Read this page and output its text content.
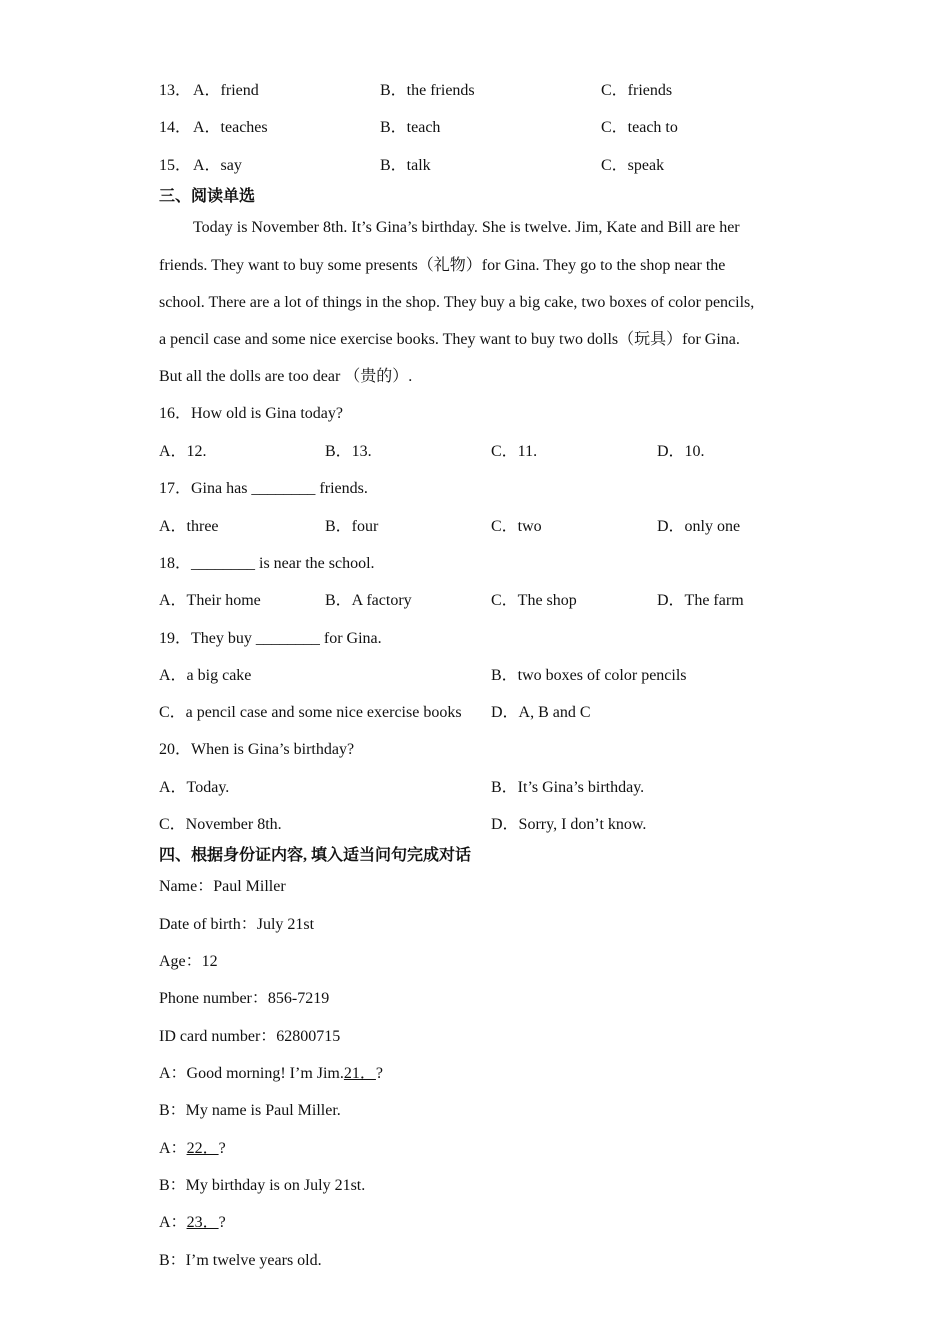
13． A．friend	B．the friends	C．friends
14． A．teaches	B．teach	C．teach to
15． A．say	B．talk	C．speak
三、阅读单选
Today is November 8th. It’s Gina’s birthday. She is twelve. Jim, Kate and Bill are her
friends. They want to buy some presents（礼物）for Gina. They go to the shop near the
school. There are a lot of things in the shop. They buy a big cake, two boxes of color pencils,
a pencil case and some nice exercise books. They want to buy two dolls（玩具）for Gina.
But all the dolls are too dear （贵的）.
16．How old is Gina today?
A．12.	B．13.	C．11.	D．10.
17．Gina has ________ friends.
A．three	B．four	C．two	D．only one
18．________ is near the school.
A．Their home	B．A factory	C．The shop	D．The farm
19．They buy ________ for Gina.
A．a big cake	B．two boxes of color pencils
C．a pencil case and some nice exercise books D．A, B and C
20．When is Gina’s birthday?
A．Today.	B．It’s Gina’s birthday.
C．November 8th.	D．Sorry, I don’t know.
四、根据身份证内容, 填入适当问句完成对话
Name：Paul Miller
Date of birth：July 21st
Age：12
Phone number：856-7219
ID card number：62800715
A：Good morning! I’m Jim.21．?
B：My name is Paul Miller.
A：22．?
B：My birthday is on July 21st.
A：23．?
B：I’m twelve years old.
